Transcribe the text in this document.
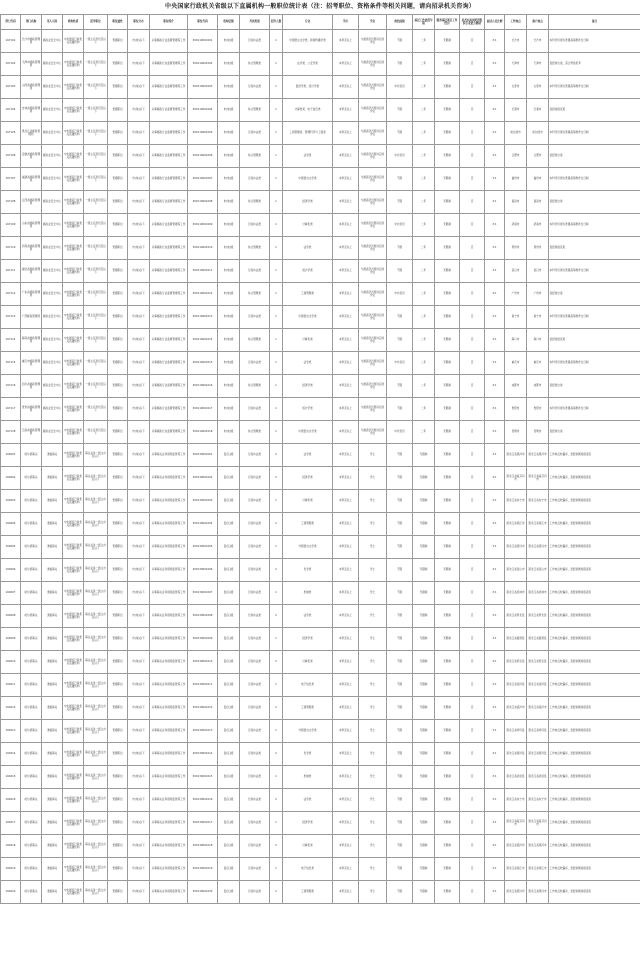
中央国家行政机关省级以下直属机构一般职位统计表（注：招考职位、资格条件等相关问题，请向招录机关咨询）
部门代码	部门名称	用人司局	机构性质	招考职位	职位属性	职位分布	职位简介	职位代码	机构层级	考试类别	招考人数	专业	学历	学位	政治面貌	基层工作最低年限	服务基层项目工作经历	是否在面试阶段组织专业能力测试	面试人员比例	工作地点	落户地点	备注
167101	长沙市邮政管理局	邮政业安全中心	中央国家行政机关直属机构	一级主任科员及以下	普通职位	市(地)以下	从事邮政行业监督管理等工作	300110001001	市(地)级	行政执法类	1	中国语言文学类、新闻传播学类	本科及以上	与最高学历相对应的学位	不限	二年	无限制	否	3:1	长沙市	长沙市	本科学历须为普通高等教育全日制
167102	天津市邮政管理局	邮政业安全中心	中央国家行政机关直属机构	一级主任科员及以下	普通职位	市(地)以下	从事邮政行业监督管理等工作	300110001002	市(地)级	综合管理类	1	法学类、公安学类	本科及以上	与最高学历相对应的学位	不限	二年	无限制	否	3:1	天津市	天津市	需经常出差，适合男性报考
167103	山西省邮政管理局	邮政业安全中心	中央国家行政机关直属机构	一级主任科员及以下	普通职位	市(地)以下	从事邮政行业监督管理等工作	300110001003	市(地)级	行政执法类	1	经济学类、统计学类	本科及以上	与最高学历相对应的学位	中共党员	二年	无限制	否	3:1	太原市	太原市	本科学历须为普通高等教育全日制
167104	吉林省邮政管理局	邮政业安全中心	中央国家行政机关直属机构	一级主任科员及以下	普通职位	市(地)以下	从事邮政行业监督管理等工作	300110001004	市(地)级	综合管理类	1	计算机类、电子信息类	本科及以上	与最高学历相对应的学位	不限	二年	无限制	否	3:1	长春市	长春市	需经常值夜班
167105	黑龙江省邮政管理局	邮政业安全中心	中央国家行政机关直属机构	一级主任科员及以下	普通职位	市(地)以下	从事邮政行业监督管理等工作	300110001005	市(地)级	行政执法类	1	工商管理类、管理科学与工程类	本科及以上	与最高学历相对应的学位	不限	二年	无限制	否	3:1	哈尔滨市	哈尔滨市	本科学历须为普通高等教育全日制
167106	安徽省邮政管理局	邮政业安全中心	中央国家行政机关直属机构	一级主任科员及以下	普通职位	市(地)以下	从事邮政行业监督管理等工作	300110001006	市(地)级	综合管理类	1	法学类	本科及以上	与最高学历相对应的学位	中共党员	二年	无限制	否	3:1	合肥市	合肥市	需经常出差
167107	福建省邮政管理局	邮政业安全中心	中央国家行政机关直属机构	一级主任科员及以下	普通职位	市(地)以下	从事邮政行业监督管理等工作	300110001007	市(地)级	行政执法类	1	中国语言文学类	本科及以上	与最高学历相对应的学位	不限	二年	无限制	否	3:1	福州市	福州市	本科学历须为普通高等教育全日制
167108	江西省邮政管理局	邮政业安全中心	中央国家行政机关直属机构	一级主任科员及以下	普通职位	市(地)以下	从事邮政行业监督管理等工作	300110001008	市(地)级	综合管理类	1	经济学类	本科及以上	与最高学历相对应的学位	不限	二年	无限制	否	3:1	南昌市	南昌市	需经常出差
167109	山东省邮政管理局	邮政业安全中心	中央国家行政机关直属机构	一级主任科员及以下	普通职位	市(地)以下	从事邮政行业监督管理等工作	300110001009	市(地)级	行政执法类	1	计算机类	本科及以上	与最高学历相对应的学位	中共党员	二年	无限制	否	3:1	济南市	济南市	本科学历须为普通高等教育全日制
167110	河南省邮政管理局	邮政业安全中心	中央国家行政机关直属机构	一级主任科员及以下	普通职位	市(地)以下	从事邮政行业监督管理等工作	300110001010	市(地)级	综合管理类	1	法学类	本科及以上	与最高学历相对应的学位	不限	二年	无限制	否	3:1	郑州市	郑州市	需经常值夜班
167111	湖北省邮政管理局	邮政业安全中心	中央国家行政机关直属机构	一级主任科员及以下	普通职位	市(地)以下	从事邮政行业监督管理等工作	300110001011	市(地)级	行政执法类	1	统计学类	本科及以上	与最高学历相对应的学位	不限	二年	无限制	否	3:1	武汉市	武汉市	本科学历须为普通高等教育全日制
167112	广东省邮政管理局	邮政业安全中心	中央国家行政机关直属机构	一级主任科员及以下	普通职位	市(地)以下	从事邮政行业监督管理等工作	300110001012	市(地)级	综合管理类	1	工商管理类	本科及以上	与最高学历相对应的学位	中共党员	二年	无限制	否	3:1	广州市	广州市	需经常出差
167113	广西邮政管理局	邮政业安全中心	中央国家行政机关直属机构	一级主任科员及以下	普通职位	市(地)以下	从事邮政行业监督管理等工作	300110001013	市(地)级	行政执法类	1	中国语言文学类	本科及以上	与最高学历相对应的学位	不限	二年	无限制	否	3:1	南宁市	南宁市	本科学历须为普通高等教育全日制
167114	海南省邮政管理局	邮政业安全中心	中央国家行政机关直属机构	一级主任科员及以下	普通职位	市(地)以下	从事邮政行业监督管理等工作	300110001014	市(地)级	综合管理类	1	计算机类	本科及以上	与最高学历相对应的学位	不限	二年	无限制	否	3:1	海口市	海口市	需经常值夜班
167115	重庆市邮政管理局	邮政业安全中心	中央国家行政机关直属机构	一级主任科员及以下	普通职位	市(地)以下	从事邮政行业监督管理等工作	300110001015	市(地)级	行政执法类	1	法学类	本科及以上	与最高学历相对应的学位	中共党员	二年	无限制	否	3:1	重庆市	重庆市	本科学历须为普通高等教育全日制
167116	四川省邮政管理局	邮政业安全中心	中央国家行政机关直属机构	一级主任科员及以下	普通职位	市(地)以下	从事邮政行业监督管理等工作	300110001016	市(地)级	综合管理类	1	经济学类	本科及以上	与最高学历相对应的学位	不限	二年	无限制	否	3:1	成都市	成都市	需经常出差
167117	贵州省邮政管理局	邮政业安全中心	中央国家行政机关直属机构	一级主任科员及以下	普通职位	市(地)以下	从事邮政行业监督管理等工作	300110001017	市(地)级	行政执法类	1	统计学类	本科及以上	与最高学历相对应的学位	不限	二年	无限制	否	3:1	贵阳市	贵阳市	本科学历须为普通高等教育全日制
167118	云南省邮政管理局	邮政业安全中心	中央国家行政机关直属机构	一级主任科员及以下	普通职位	市(地)以下	从事邮政行业监督管理等工作	300110001018	市(地)级	综合管理类	1	中国语言文学类	本科及以上	与最高学历相对应的学位	中共党员	二年	无限制	否	3:1	昆明市	昆明市	需经常出差
169201	哈尔滨海关	隶属海关	中央国家行政机关直属机构	海关业务一级主办及以下	普通职位	市(地)以下	从事海关业务现场监管等工作	300130001001	县(区)级	行政执法类	2	法学类	本科及以上	学士	不限	无限制	无限制	否	3:1	黑龙江省黑河市	黑龙江省黑河市	工作地点较偏远，需经常倒班值夜班
169202	哈尔滨海关	隶属海关	中央国家行政机关直属机构	海关业务一级主办及以下	普通职位	市(地)以下	从事海关业务现场监管等工作	300130001002	县(区)级	行政执法类	2	经济学类	本科及以上	学士	不限	无限制	无限制	否	3:1	黑龙江省绥芬河市	黑龙江省绥芬河市	工作地点较偏远，需经常倒班值夜班
169203	哈尔滨海关	隶属海关	中央国家行政机关直属机构	海关业务一级主办及以下	普通职位	市(地)以下	从事海关业务现场监管等工作	300130001003	县(区)级	行政执法类	1	计算机类	本科及以上	学士	不限	无限制	无限制	否	3:1	黑龙江省东宁市	黑龙江省东宁市	工作地点较偏远，需经常倒班值夜班
169204	哈尔滨海关	隶属海关	中央国家行政机关直属机构	海关业务一级主办及以下	普通职位	市(地)以下	从事海关业务现场监管等工作	300130001004	县(区)级	行政执法类	2	工商管理类	本科及以上	学士	不限	无限制	无限制	否	3:1	黑龙江省同江市	黑龙江省同江市	工作地点较偏远，需经常倒班值夜班
169205	哈尔滨海关	隶属海关	中央国家行政机关直属机构	海关业务一级主办及以下	普通职位	市(地)以下	从事海关业务现场监管等工作	300130001005	县(区)级	行政执法类	1	外国语言文学类	本科及以上	学士	不限	无限制	无限制	否	3:1	黑龙江省抚远市	黑龙江省抚远市	工作地点较偏远，需经常倒班值夜班
169206	哈尔滨海关	隶属海关	中央国家行政机关直属机构	海关业务一级主办及以下	普通职位	市(地)以下	从事海关业务现场监管等工作	300130001006	县(区)级	行政执法类	2	化学类	本科及以上	学士	不限	无限制	无限制	否	3:1	黑龙江省密山市	黑龙江省密山市	工作地点较偏远，需经常倒班值夜班
169207	哈尔滨海关	隶属海关	中央国家行政机关直属机构	海关业务一级主办及以下	普通职位	市(地)以下	从事海关业务现场监管等工作	300130001007	县(区)级	行政执法类	1	机械类	本科及以上	学士	不限	无限制	无限制	否	3:1	黑龙江省虎林市	黑龙江省虎林市	工作地点较偏远，需经常倒班值夜班
169208	哈尔滨海关	隶属海关	中央国家行政机关直属机构	海关业务一级主办及以下	普通职位	市(地)以下	从事海关业务现场监管等工作	300130001008	县(区)级	行政执法类	2	法学类	本科及以上	学士	不限	无限制	无限制	否	3:1	黑龙江省萝北县	黑龙江省萝北县	工作地点较偏远，需经常倒班值夜班
169209	哈尔滨海关	隶属海关	中央国家行政机关直属机构	海关业务一级主办及以下	普通职位	市(地)以下	从事海关业务现场监管等工作	300130001009	县(区)级	行政执法类	1	经济学类	本科及以上	学士	不限	无限制	无限制	否	3:1	黑龙江省嘉荫县	黑龙江省嘉荫县	工作地点较偏远，需经常倒班值夜班
169210	哈尔滨海关	隶属海关	中央国家行政机关直属机构	海关业务一级主办及以下	普通职位	市(地)以下	从事海关业务现场监管等工作	300130001010	县(区)级	行政执法类	2	计算机类	本科及以上	学士	不限	无限制	无限制	否	3:1	黑龙江省逊克县	黑龙江省逊克县	工作地点较偏远，需经常倒班值夜班
169211	哈尔滨海关	隶属海关	中央国家行政机关直属机构	海关业务一级主办及以下	普通职位	市(地)以下	从事海关业务现场监管等工作	300130001011	县(区)级	行政执法类	1	电子信息类	本科及以上	学士	不限	无限制	无限制	否	3:1	黑龙江省饶河县	黑龙江省饶河县	工作地点较偏远，需经常倒班值夜班
169212	哈尔滨海关	隶属海关	中央国家行政机关直属机构	海关业务一级主办及以下	普通职位	市(地)以下	从事海关业务现场监管等工作	300130001012	县(区)级	行政执法类	2	工商管理类	本科及以上	学士	不限	无限制	无限制	否	3:1	黑龙江省漠河市	黑龙江省漠河市	工作地点较偏远，需经常倒班值夜班
169213	哈尔滨海关	隶属海关	中央国家行政机关直属机构	海关业务一级主办及以下	普通职位	市(地)以下	从事海关业务现场监管等工作	300130001013	县(区)级	行政执法类	1	外国语言文学类	本科及以上	学士	不限	无限制	无限制	否	3:1	黑龙江省呼玛县	黑龙江省呼玛县	工作地点较偏远，需经常倒班值夜班
169214	哈尔滨海关	隶属海关	中央国家行政机关直属机构	海关业务一级主办及以下	普通职位	市(地)以下	从事海关业务现场监管等工作	300130001014	县(区)级	行政执法类	2	化学类	本科及以上	学士	不限	无限制	无限制	否	3:1	黑龙江省塔河县	黑龙江省塔河县	工作地点较偏远，需经常倒班值夜班
169215	哈尔滨海关	隶属海关	中央国家行政机关直属机构	海关业务一级主办及以下	普通职位	市(地)以下	从事海关业务现场监管等工作	300130001015	县(区)级	行政执法类	1	机械类	本科及以上	学士	不限	无限制	无限制	否	3:1	黑龙江省孙吴县	黑龙江省孙吴县	工作地点较偏远，需经常倒班值夜班
169216	哈尔滨海关	隶属海关	中央国家行政机关直属机构	海关业务一级主办及以下	普通职位	市(地)以下	从事海关业务现场监管等工作	300130001016	县(区)级	行政执法类	2	法学类	本科及以上	学士	不限	无限制	无限制	否	3:1	黑龙江省东宁市	黑龙江省东宁市	工作地点较偏远，需经常倒班值夜班
169217	哈尔滨海关	隶属海关	中央国家行政机关直属机构	海关业务一级主办及以下	普通职位	市(地)以下	从事海关业务现场监管等工作	300130001017	县(区)级	行政执法类	1	经济学类	本科及以上	学士	不限	无限制	无限制	否	3:1	黑龙江省绥芬河市	黑龙江省绥芬河市	工作地点较偏远，需经常倒班值夜班
169218	哈尔滨海关	隶属海关	中央国家行政机关直属机构	海关业务一级主办及以下	普通职位	市(地)以下	从事海关业务现场监管等工作	300130001018	县(区)级	行政执法类	2	计算机类	本科及以上	学士	不限	无限制	无限制	否	3:1	黑龙江省黑河市	黑龙江省黑河市	工作地点较偏远，需经常倒班值夜班
169219	哈尔滨海关	隶属海关	中央国家行政机关直属机构	海关业务一级主办及以下	普通职位	市(地)以下	从事海关业务现场监管等工作	300130001019	县(区)级	行政执法类	1	电子信息类	本科及以上	学士	不限	无限制	无限制	否	3:1	黑龙江省同江市	黑龙江省同江市	工作地点较偏远，需经常倒班值夜班
169220	哈尔滨海关	隶属海关	中央国家行政机关直属机构	海关业务一级主办及以下	普通职位	市(地)以下	从事海关业务现场监管等工作	300130001020	县(区)级	行政执法类	2	工商管理类	本科及以上	学士	不限	无限制	无限制	否	3:1	黑龙江省抚远市	黑龙江省抚远市	工作地点较偏远，需经常倒班值夜班
